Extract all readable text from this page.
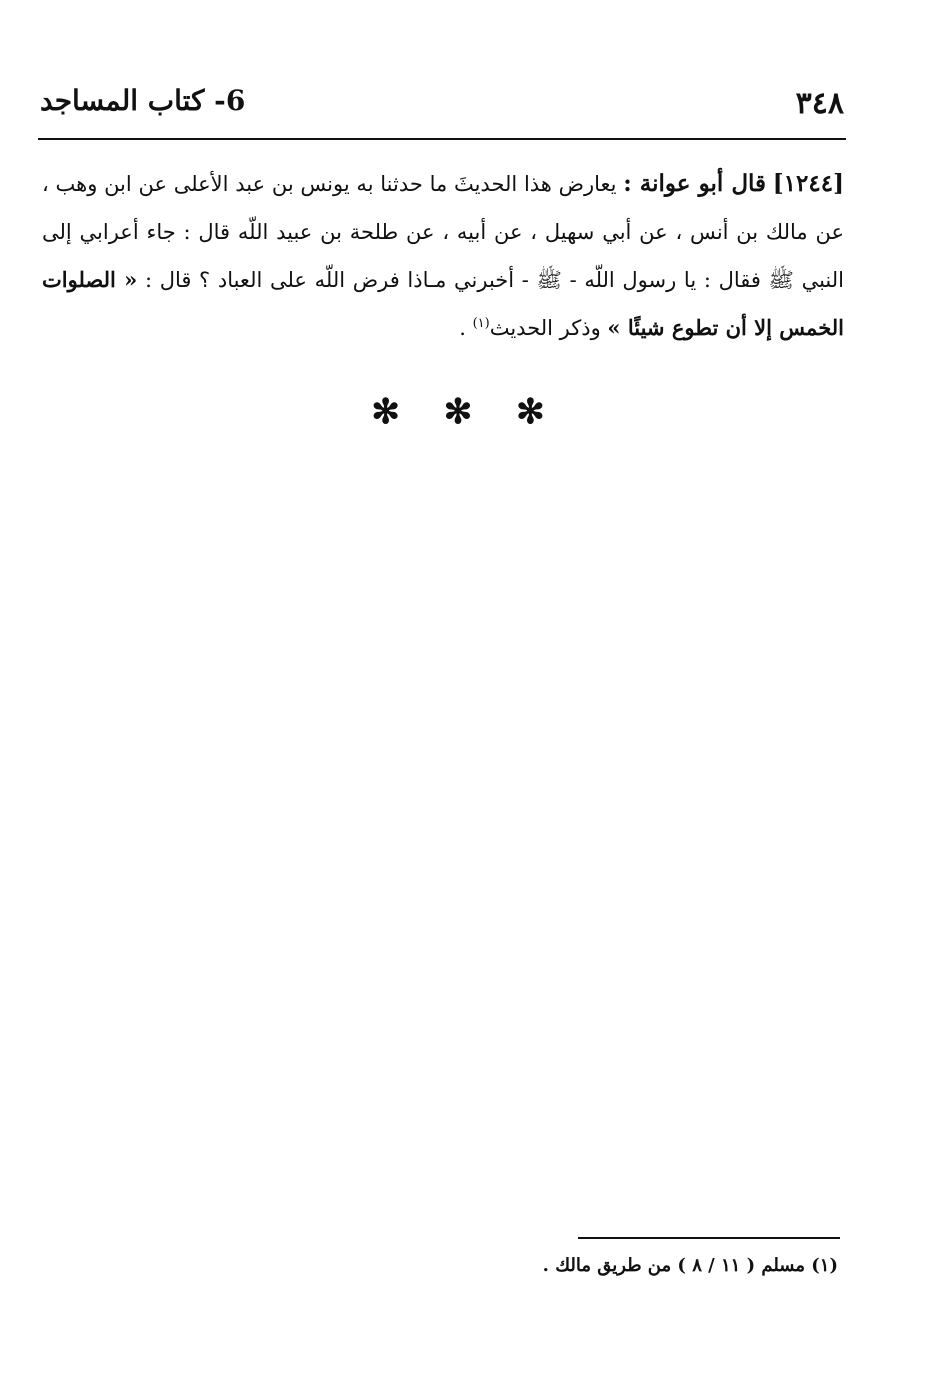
٣٤٨
6- كتاب المساجد

[١٢٤٤] قال أبو عوانة : يعارض هذا الحديثَ ما حدثنا به يونس بن عبد الأعلى عن ابن وهب ، عن مالك بن أنس ، عن أبي سهيل ، عن أبيه ، عن طلحة بن عبيد اللّه قال : جاء أعرابي إلى النبي ﷺ فقال : يا رسول اللّه - ﷺ - أخبرني مـاذا فرض اللّه على العباد ؟ قال : « الصلوات الخمس إلا أن تطوع شيئًا » وذكر الحديث$^{(١)}$ .

✻ ✻ ✻
(١) مسلم ( ١١ / ٨ ) من طريق مالك .
